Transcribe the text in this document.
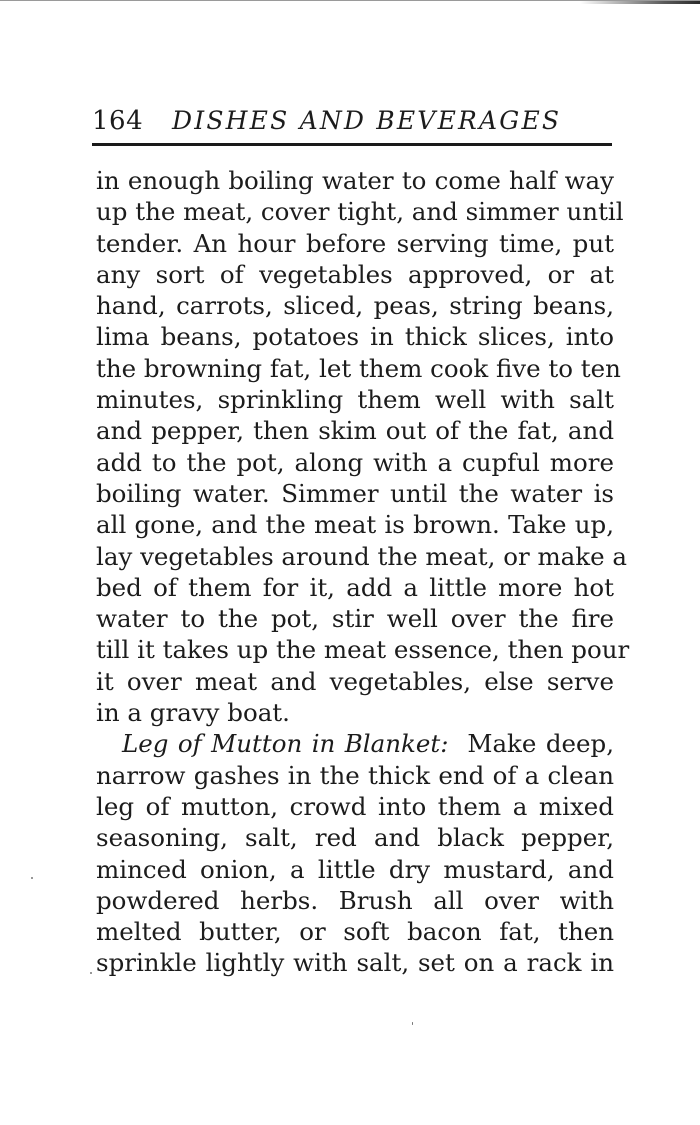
164 DISHES AND BEVERAGES
in enough boiling water to come half way
up the meat, cover tight, and simmer until
tender. An hour before serving time, put
any sort of vegetables approved, or at
hand, carrots, sliced, peas, string beans,
lima beans, potatoes in thick slices, into
the browning fat, let them cook five to ten
minutes, sprinkling them well with salt
and pepper, then skim out of the fat, and
add to the pot, along with a cupful more
boiling water. Simmer until the water is
all gone, and the meat is brown. Take up,
lay vegetables around the meat, or make a
bed of them for it, add a little more hot
water to the pot, stir well over the fire
till it takes up the meat essence, then pour
it over meat and vegetables, else serve
in a gravy boat.
Leg of Mutton in Blanket: Make deep,
narrow gashes in the thick end of a clean
leg of mutton, crowd into them a mixed
seasoning, salt, red and black pepper,
minced onion, a little dry mustard, and
powdered herbs. Brush all over with
melted butter, or soft bacon fat, then
sprinkle lightly with salt, set on a rack in
